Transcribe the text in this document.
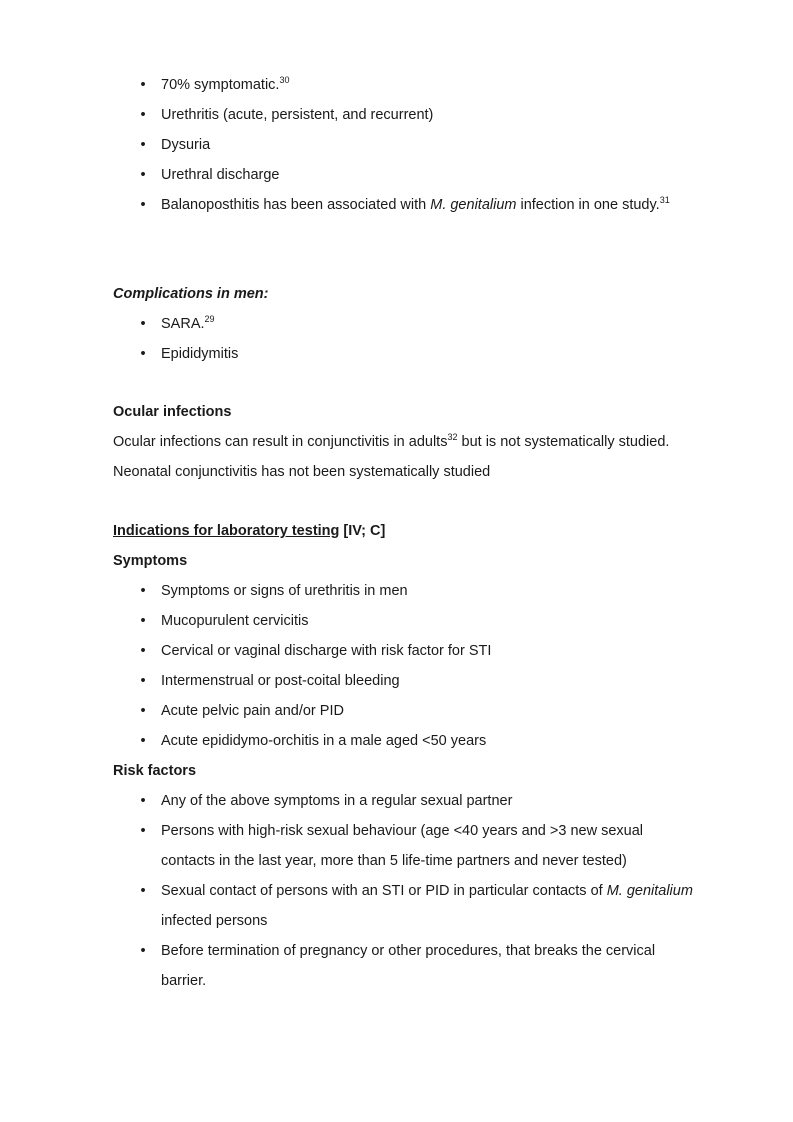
• 70% symptomatic.$^{30}$
• Urethritis (acute, persistent, and recurrent)
• Dysuria
• Urethral discharge
• Balanoposthitis has been associated with M. genitalium infection in one study.$^{31}$

Complications in men:

• SARA.$^{29}$
• Epididymitis

Ocular infections

Ocular infections can result in conjunctivitis in adults$^{32}$ but is not systematically studied. Neonatal conjunctivitis has not been systematically studied

Indications for laboratory testing [IV; C]

Symptoms

• Symptoms or signs of urethritis in men
• Mucopurulent cervicitis
• Cervical or vaginal discharge with risk factor for STI
• Intermenstrual or post-coital bleeding
• Acute pelvic pain and/or PID
• Acute epididymo-orchitis in a male aged <50 years

Risk factors

• Any of the above symptoms in a regular sexual partner
• Persons with high-risk sexual behaviour (age <40 years and >3 new sexual contacts in the last year, more than 5 life-time partners and never tested)
• Sexual contact of persons with an STI or PID in particular contacts of M. genitalium infected persons
• Before termination of pregnancy or other procedures, that breaks the cervical barrier.
